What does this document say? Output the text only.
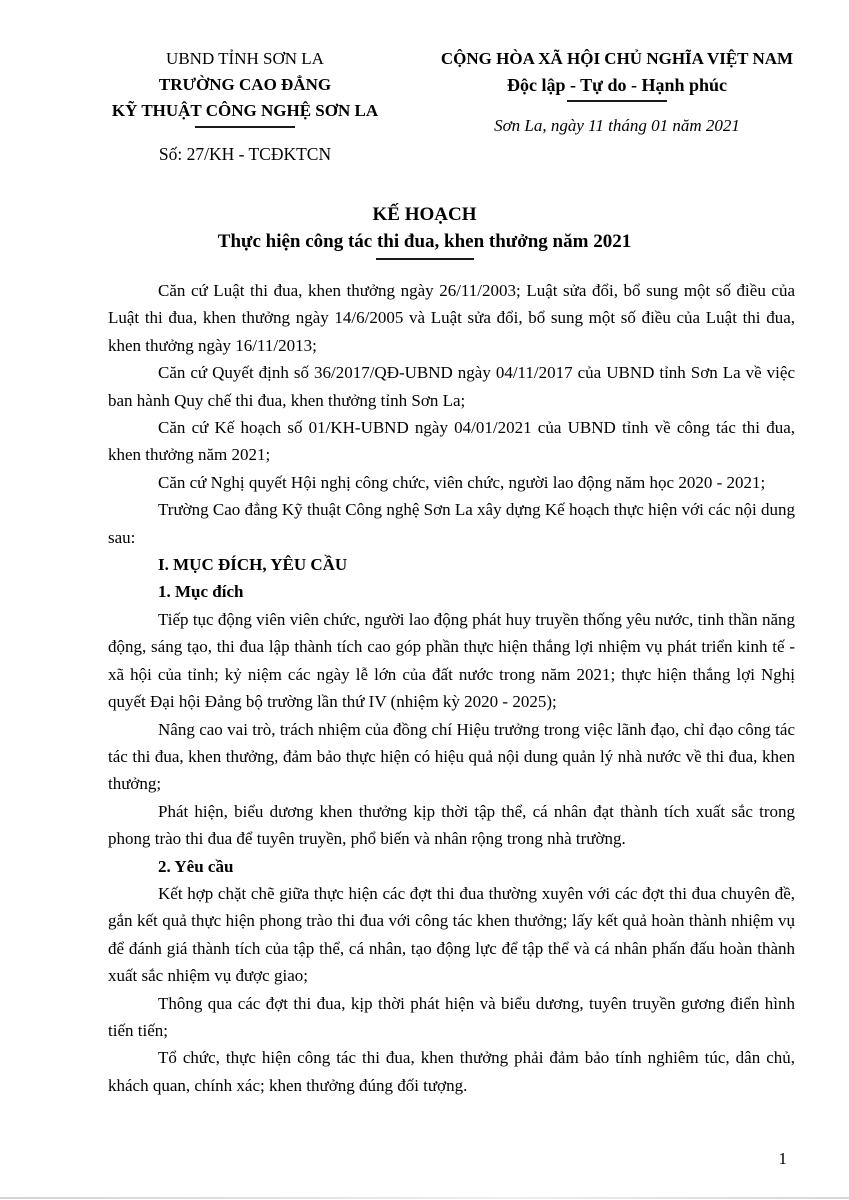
UBND TỈNH SƠN LA
TRƯỜNG CAO ĐẲNG
KỸ THUẬT CÔNG NGHỆ SƠN LA
Số: 27/KH - TCĐKTCN
CỘNG HÒA XÃ HỘI CHỦ NGHĨA VIỆT NAM
Độc lập - Tự do - Hạnh phúc
Sơn La, ngày 11 tháng 01 năm 2021
KẾ HOẠCH
Thực hiện công tác thi đua, khen thưởng năm 2021

Căn cứ Luật thi đua, khen thưởng ngày 26/11/2003; Luật sửa đổi, bổ sung một số điều của Luật thi đua, khen thưởng ngày 14/6/2005 và Luật sửa đổi, bổ sung một số điều của Luật thi đua, khen thưởng ngày 16/11/2013;

Căn cứ Quyết định số 36/2017/QĐ-UBND ngày 04/11/2017 của UBND tỉnh Sơn La về việc ban hành Quy chế thi đua, khen thưởng tỉnh Sơn La;

Căn cứ Kế hoạch số 01/KH-UBND ngày 04/01/2021 của UBND tỉnh về công tác thi đua, khen thưởng năm 2021;

Căn cứ Nghị quyết Hội nghị công chức, viên chức, người lao động năm học 2020 - 2021;

Trường Cao đẳng Kỹ thuật Công nghệ Sơn La xây dựng Kế hoạch thực hiện với các nội dung sau:

I. MỤC ĐÍCH, YÊU CẦU

1. Mục đích

Tiếp tục động viên viên chức, người lao động phát huy truyền thống yêu nước, tinh thần năng động, sáng tạo, thi đua lập thành tích cao góp phần thực hiện thắng lợi nhiệm vụ phát triển kinh tế - xã hội của tỉnh; kỷ niệm các ngày lễ lớn của đất nước trong năm 2021; thực hiện thắng lợi Nghị quyết Đại hội Đảng bộ trường lần thứ IV (nhiệm kỳ 2020 - 2025);

Nâng cao vai trò, trách nhiệm của đồng chí Hiệu trưởng trong việc lãnh đạo, chỉ đạo công tác tác thi đua, khen thưởng, đảm bảo thực hiện có hiệu quả nội dung quản lý nhà nước về thi đua, khen thưởng;

Phát hiện, biểu dương khen thưởng kịp thời tập thể, cá nhân đạt thành tích xuất sắc trong phong trào thi đua để tuyên truyền, phổ biến và nhân rộng trong nhà trường.

2. Yêu cầu

Kết hợp chặt chẽ giữa thực hiện các đợt thi đua thường xuyên với các đợt thi đua chuyên đề, gắn kết quả thực hiện phong trào thi đua với công tác khen thưởng; lấy kết quả hoàn thành nhiệm vụ để đánh giá thành tích của tập thể, cá nhân, tạo động lực để tập thể và cá nhân phấn đấu hoàn thành xuất sắc nhiệm vụ được giao;

Thông qua các đợt thi đua, kịp thời phát hiện và biểu dương, tuyên truyền gương điển hình tiến tiến;

Tổ chức, thực hiện công tác thi đua, khen thưởng phải đảm bảo tính nghiêm túc, dân chủ, khách quan, chính xác; khen thưởng đúng đối tượng.

1
